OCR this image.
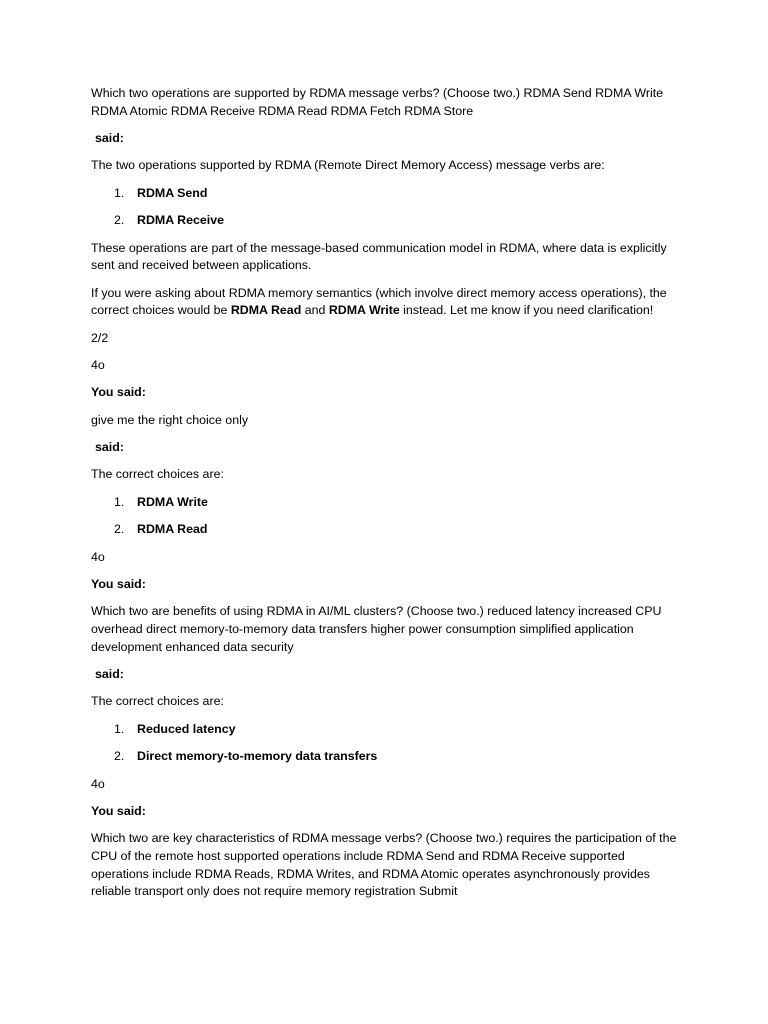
Which two operations are supported by RDMA message verbs? (Choose two.) RDMA Send RDMA Write RDMA Atomic RDMA Receive RDMA Read RDMA Fetch RDMA Store

said:

The two operations supported by RDMA (Remote Direct Memory Access) message verbs are:

1. RDMA Send
2. RDMA Receive

These operations are part of the message-based communication model in RDMA, where data is explicitly sent and received between applications.

If you were asking about RDMA memory semantics (which involve direct memory access operations), the correct choices would be RDMA Read and RDMA Write instead. Let me know if you need clarification!

2/2

4o

You said:

give me the right choice only

said:

The correct choices are:

1. RDMA Write
2. RDMA Read

4o

You said:

Which two are benefits of using RDMA in AI/ML clusters? (Choose two.) reduced latency increased CPU overhead direct memory-to-memory data transfers higher power consumption simplified application development enhanced data security

said:

The correct choices are:

1. Reduced latency
2. Direct memory-to-memory data transfers

4o

You said:

Which two are key characteristics of RDMA message verbs? (Choose two.) requires the participation of the CPU of the remote host supported operations include RDMA Send and RDMA Receive supported operations include RDMA Reads, RDMA Writes, and RDMA Atomic operates asynchronously provides reliable transport only does not require memory registration Submit
